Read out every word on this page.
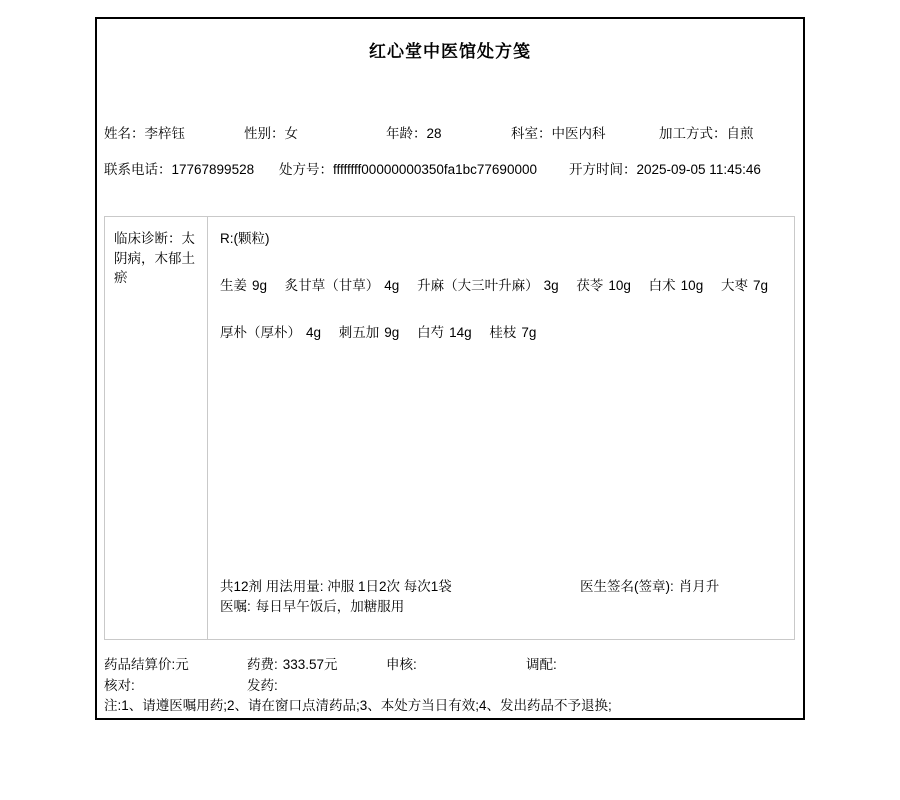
红心堂中医馆处方笺
姓名：李梓钰	性别：女	年龄：28	科室：中医内科	加工方式：自煎
联系电话：17767899528 处方号：ffffffff00000000350fa1bc77690000 开方时间：2025-09-05 11:45:46
临床诊断：太阴病，木郁土瘀
R:(颗粒)
生姜 9g 炙甘草（甘草） 4g 升麻（大三叶升麻） 3g 茯苓 10g 白术 10g 大枣 7g
厚朴（厚朴） 4g 刺五加 9g 白芍 14g 桂枝 7g
共12剂 用法用量: 冲服 1日2次 每次1袋	医生签名(签章): 肖月升
医嘱: 每日早午饭后，加糖服用
药品结算价:元	药费: 333.57元	申核:	调配:
核对:	发药:
注:1、请遵医嘱用药;2、请在窗口点清药品;3、本处方当日有效;4、发出药品不予退换;
